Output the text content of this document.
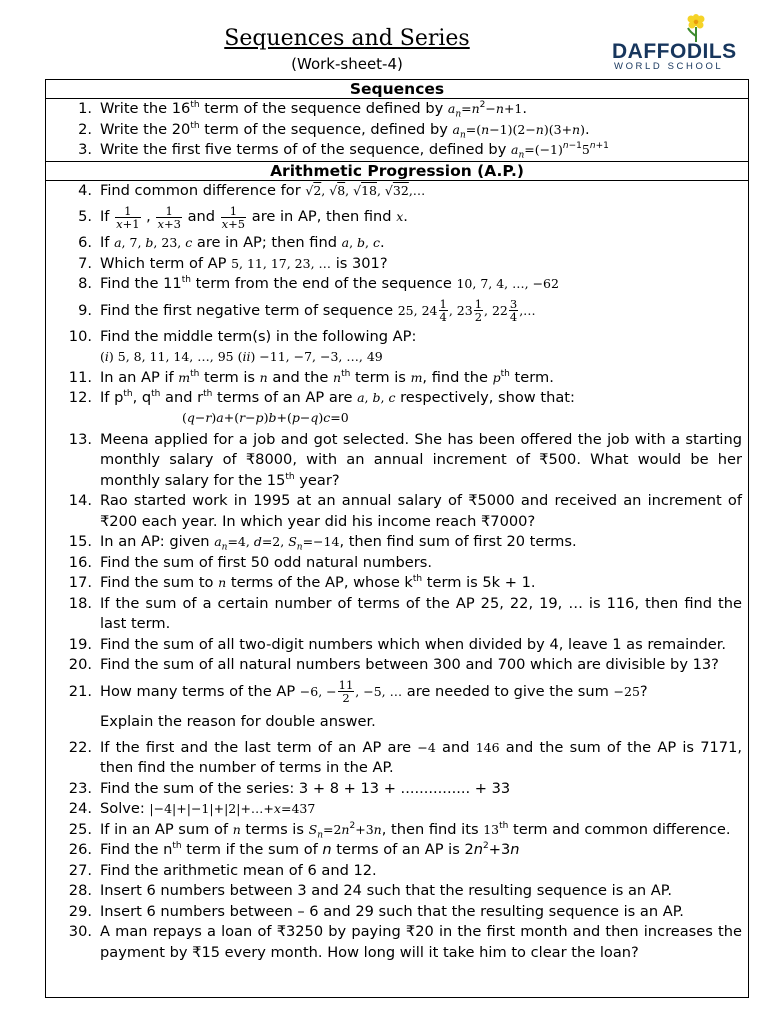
Sequences and Series
(Work-sheet-4)
DAFFODILS
WORLD SCHOOL
Sequences
1. Write the 16th term of the sequence defined by $a_n=n^2-n+1$.
2. Write the 20th term of the sequence, defined by $a_n=(n-1)(2-n)(3+n)$.
3. Write the first five terms of of the sequence, defined by $a_n=(-1)^{n-1}5^{n+1}$
Arithmetic Progression (A.P.)
4. Find common difference for √2, √8, √18, √32,…
5. If $\frac{1}{x+1}$ , $\frac{1}{x+3}$ and $\frac{1}{x+5}$ are in AP, then find x.
6. If a, 7, b, 23, c are in AP; then find a, b, c.
7. Which term of AP 5, 11, 17, 23, … is 301?
8. Find the 11th term from the end of the sequence 10, 7, 4, …, −62
9. Find the first negative term of sequence 25, $24 \frac{1}{4}$ , $23 \frac{1}{2}$ , $22 \frac{3}{4}$ ,…
10. Find the middle term(s) in the following AP:
(i) 5, 8, 11, 14, …, 95 (ii) −11, −7, −3, …, 49
11. In an AP if $m^{th}$ term is n and the $n^{th}$ term is m, find the $p^{th}$ term.
12. If $p^{th}$, $q^{th}$ and $r^{th}$ terms of an AP are a, b, c respectively, show that:
(q−r)a+(r−p)b+(p−q)c=0
13. Meena applied for a job and got selected. She has been offered the job with a starting monthly salary of ₹8000, with an annual increment of ₹500. What would be her monthly salary for the 15th year?
14. Rao started work in 1995 at an annual salary of ₹5000 and received an increment of ₹200 each year. In which year did his income reach ₹7000?
15. In an AP: given $a_n=4$, d=2, $S_n=-14$, then find sum of first 20 terms.
16. Find the sum of first 50 odd natural numbers.
17. Find the sum to n terms of the AP, whose $k^{th}$ term is 5k + 1.
18. If the sum of a certain number of terms of the AP 25, 22, 19, … is 116, then find the last term.
19. Find the sum of all two-digit numbers which when divided by 4, leave 1 as remainder.
20. Find the sum of all natural numbers between 300 and 700 which are divisible by 13?
21. How many terms of the AP −6, − $\frac{11}{2}$ , −5, … are needed to give the sum −25?
Explain the reason for double answer.
22. If the first and the last term of an AP are −4 and 146 and the sum of the AP is 7171, then find the number of terms in the AP.
23. Find the sum of the series: 3 + 8 + 13 + ............... + 33
24. Solve: |−4|+|−1|+|2|+…+x=437
25. If in an AP sum of n terms is $S_n=2n^2+3n$, then find its 13th term and common difference.
26. Find the $n^{th}$ term if the sum of n terms of an AP is $2n^2+3n$
27. Find the arithmetic mean of 6 and 12.
28. Insert 6 numbers between 3 and 24 such that the resulting sequence is an AP.
29. Insert 6 numbers between – 6 and 29 such that the resulting sequence is an AP.
30. A man repays a loan of ₹3250 by paying ₹20 in the first month and then increases the payment by ₹15 every month. How long will it take him to clear the loan?
